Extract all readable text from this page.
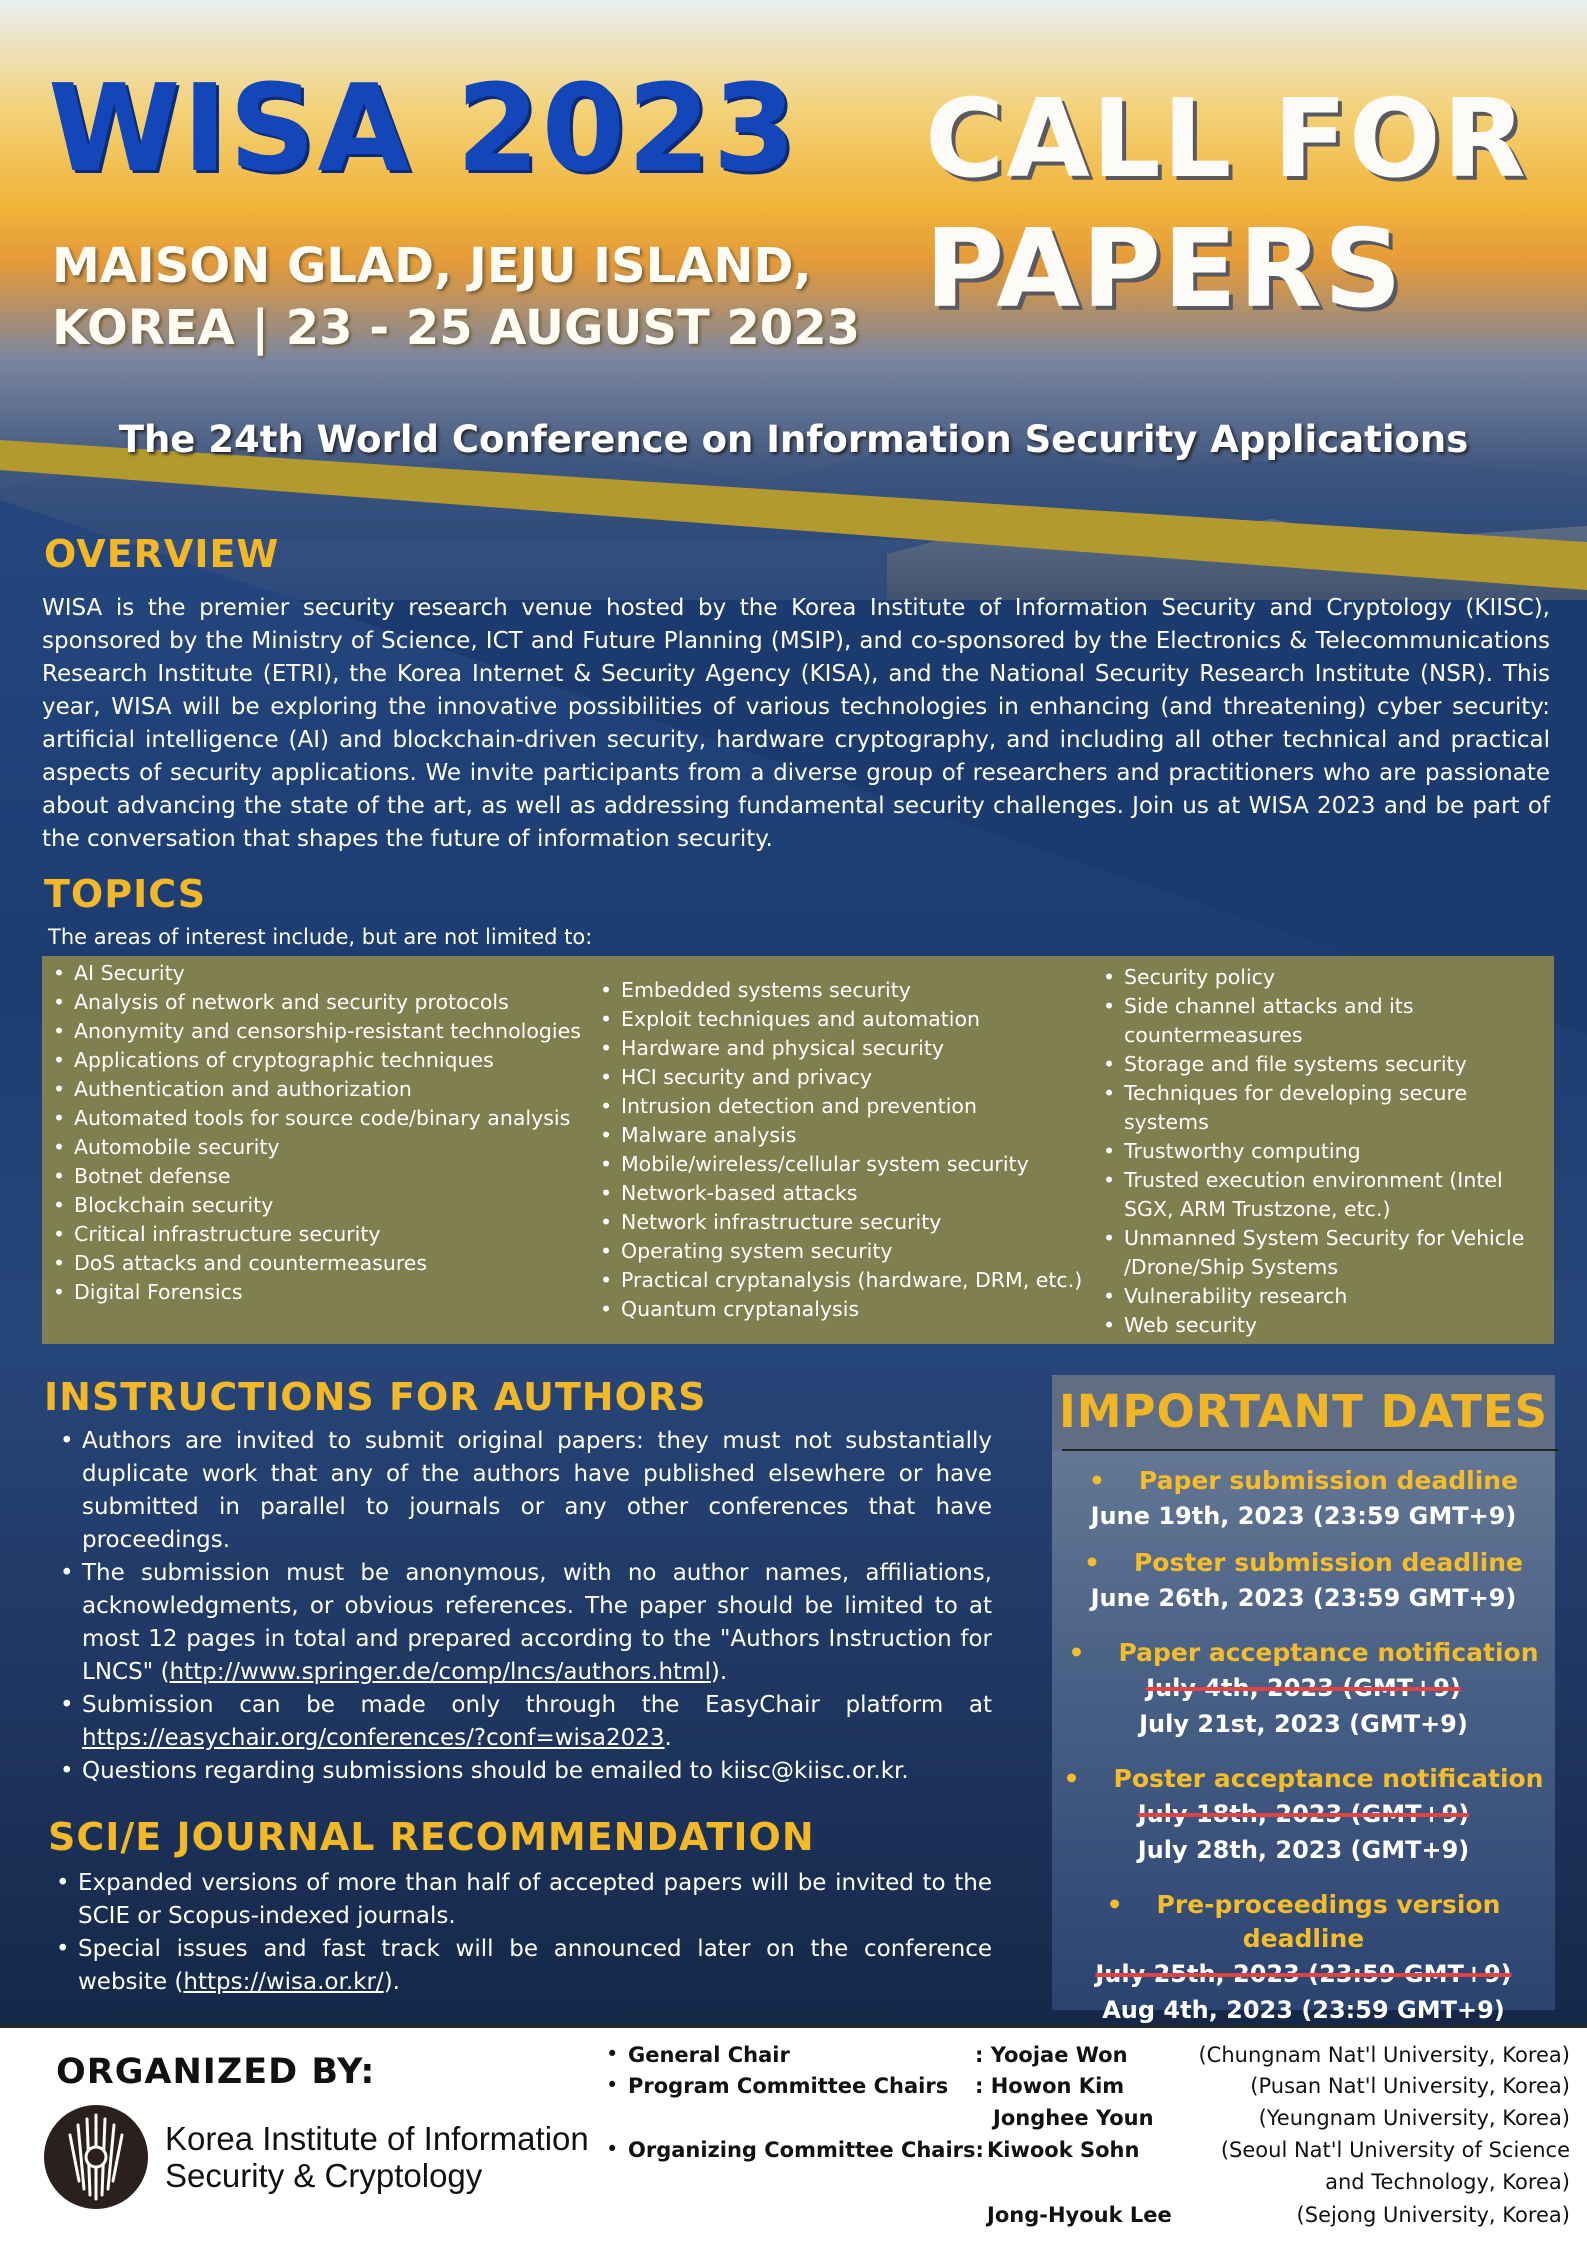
WISA 2023 CALL FOR PAPERS
MAISON GLAD, JEJU ISLAND,
KOREA | 23 - 25 AUGUST 2023
The 24th World Conference on Information Security Applications
OVERVIEW
WISA is the premier security research venue hosted by the Korea Institute of Information Security and Cryptology (KIISC), sponsored by the Ministry of Science, ICT and Future Planning (MSIP), and co-sponsored by the Electronics & Telecommunications Research Institute (ETRI), the Korea Internet & Security Agency (KISA), and the National Security Research Institute (NSR). This year, WISA will be exploring the innovative possibilities of various technologies in enhancing (and threatening) cyber security: artificial intelligence (AI) and blockchain-driven security, hardware cryptography, and including all other technical and practical aspects of security applications. We invite participants from a diverse group of researchers and practitioners who are passionate about advancing the state of the art, as well as addressing fundamental security challenges. Join us at WISA 2023 and be part of the conversation that shapes the future of information security.
TOPICS
The areas of interest include, but are not limited to:
• AI Security
• Analysis of network and security protocols
• Anonymity and censorship-resistant technologies
• Applications of cryptographic techniques
• Authentication and authorization
• Automated tools for source code/binary analysis
• Automobile security
• Botnet defense
• Blockchain security
• Critical infrastructure security
• DoS attacks and countermeasures
• Digital Forensics
• Embedded systems security
• Exploit techniques and automation
• Hardware and physical security
• HCI security and privacy
• Intrusion detection and prevention
• Malware analysis
• Mobile/wireless/cellular system security
• Network-based attacks
• Network infrastructure security
• Operating system security
• Practical cryptanalysis (hardware, DRM, etc.)
• Quantum cryptanalysis
• Security policy
• Side channel attacks and its countermeasures
• Storage and file systems security
• Techniques for developing secure systems
• Trustworthy computing
• Trusted execution environment (Intel SGX, ARM Trustzone, etc.)
• Unmanned System Security for Vehicle /Drone/Ship Systems
• Vulnerability research
• Web security
INSTRUCTIONS FOR AUTHORS
• Authors are invited to submit original papers: they must not substantially duplicate work that any of the authors have published elsewhere or have submitted in parallel to journals or any other conferences that have proceedings.
• The submission must be anonymous, with no author names, affiliations, acknowledgments, or obvious references. The paper should be limited to at most 12 pages in total and prepared according to the "Authors Instruction for LNCS" (http://www.springer.de/comp/lncs/authors.html).
• Submission can be made only through the EasyChair platform at https://easychair.org/conferences/?conf=wisa2023.
• Questions regarding submissions should be emailed to kiisc@kiisc.or.kr.
SCI/E JOURNAL RECOMMENDATION
• Expanded versions of more than half of accepted papers will be invited to the SCIE or Scopus-indexed journals.
• Special issues and fast track will be announced later on the conference website (https://wisa.or.kr/).
IMPORTANT DATES
• Paper submission deadline
June 19th, 2023 (23:59 GMT+9)
• Poster submission deadline
June 26th, 2023 (23:59 GMT+9)
• Paper acceptance notification
July 4th, 2023 (GMT+9)
July 21st, 2023 (GMT+9)
• Poster acceptance notification
July 18th, 2023 (GMT+9)
July 28th, 2023 (GMT+9)
• Pre-proceedings version deadline
July 25th, 2023 (23:59 GMT+9)
Aug 4th, 2023 (23:59 GMT+9)
ORGANIZED BY:
Korea Institute of Information
Security & Cryptology
• General Chair	: Yoojae Won	(Chungnam Nat'l University, Korea)
• Program Committee Chairs : Howon Kim	(Pusan Nat'l University, Korea)
Jonghee Youn	(Yeungnam University, Korea)
• Organizing Committee Chairs: Kiwook Sohn	(Seoul Nat'l University of Science
and Technology, Korea)
Jong-Hyouk Lee	(Sejong University, Korea)
